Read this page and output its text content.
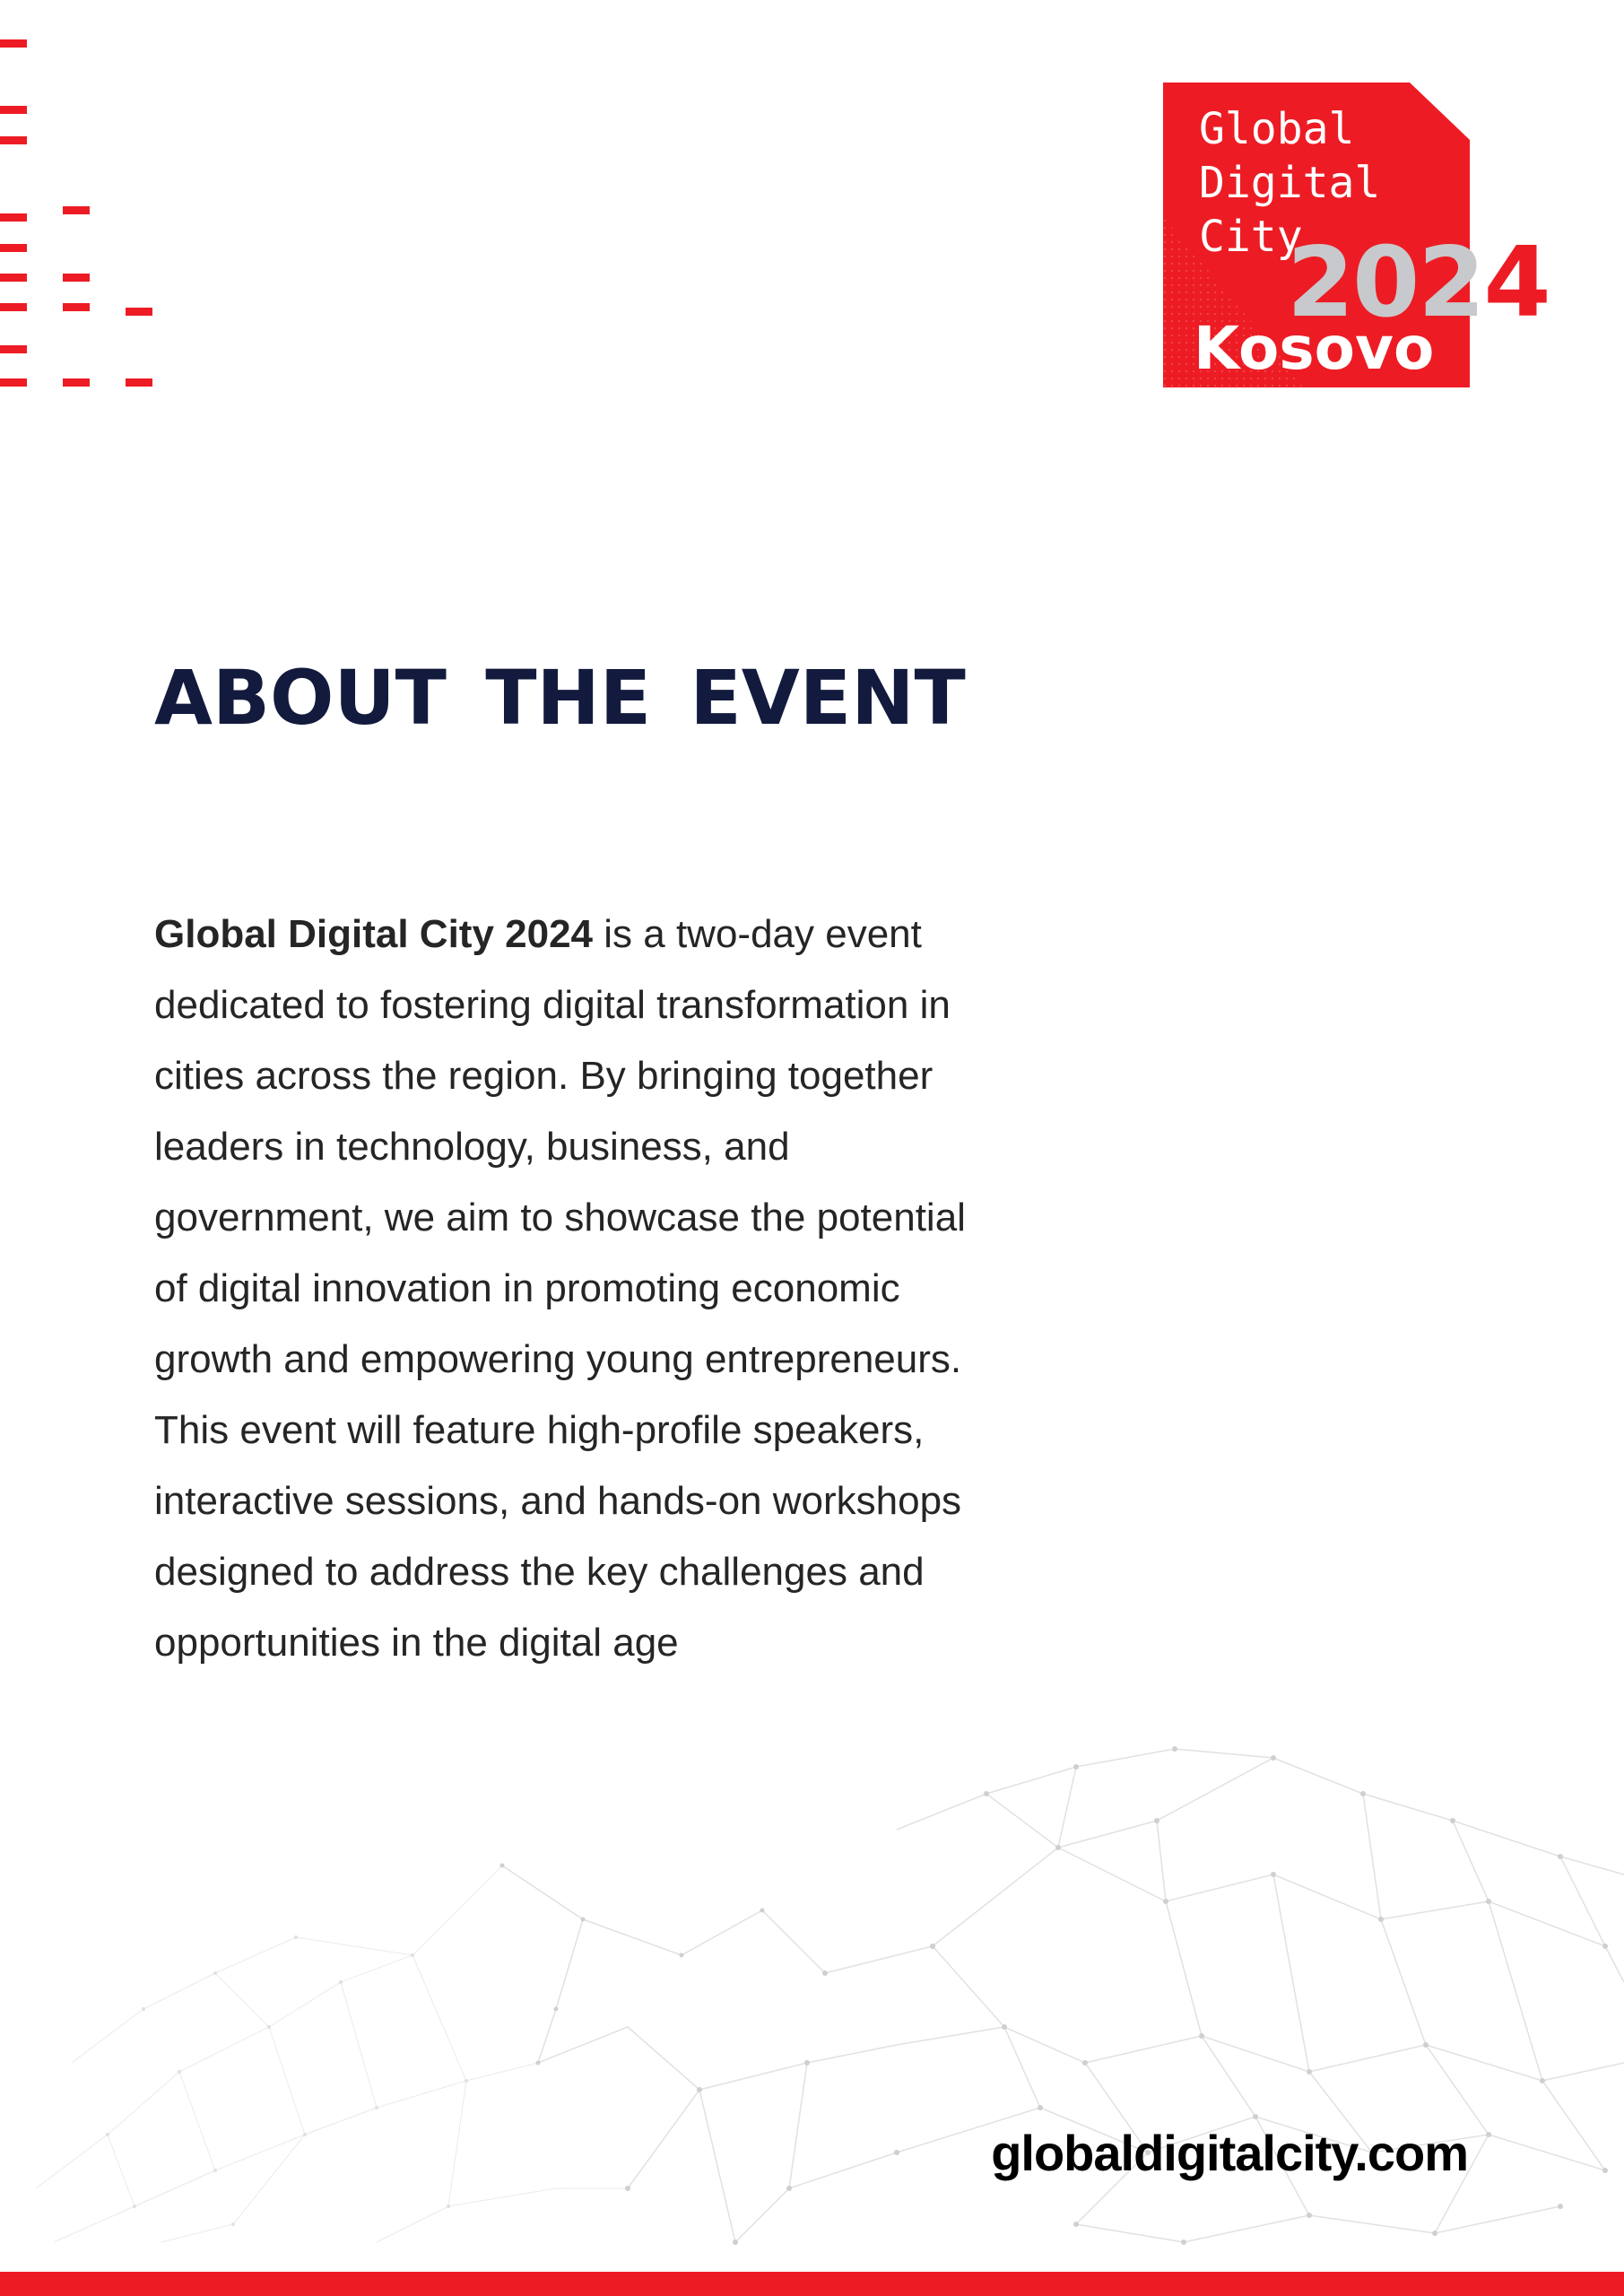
Global
Digital
City

2024
Kosovo
ABOUT THE EVENT

Global Digital City 2024 is a two-day event
dedicated to fostering digital transformation in
cities across the region. By bringing together
leaders in technology, business, and
government, we aim to showcase the potential
of digital innovation in promoting economic
growth and empowering young entrepreneurs.
This event will feature high-profile speakers,
interactive sessions, and hands-on workshops
designed to address the key challenges and
opportunities in the digital age

globaldigitalcity.com
